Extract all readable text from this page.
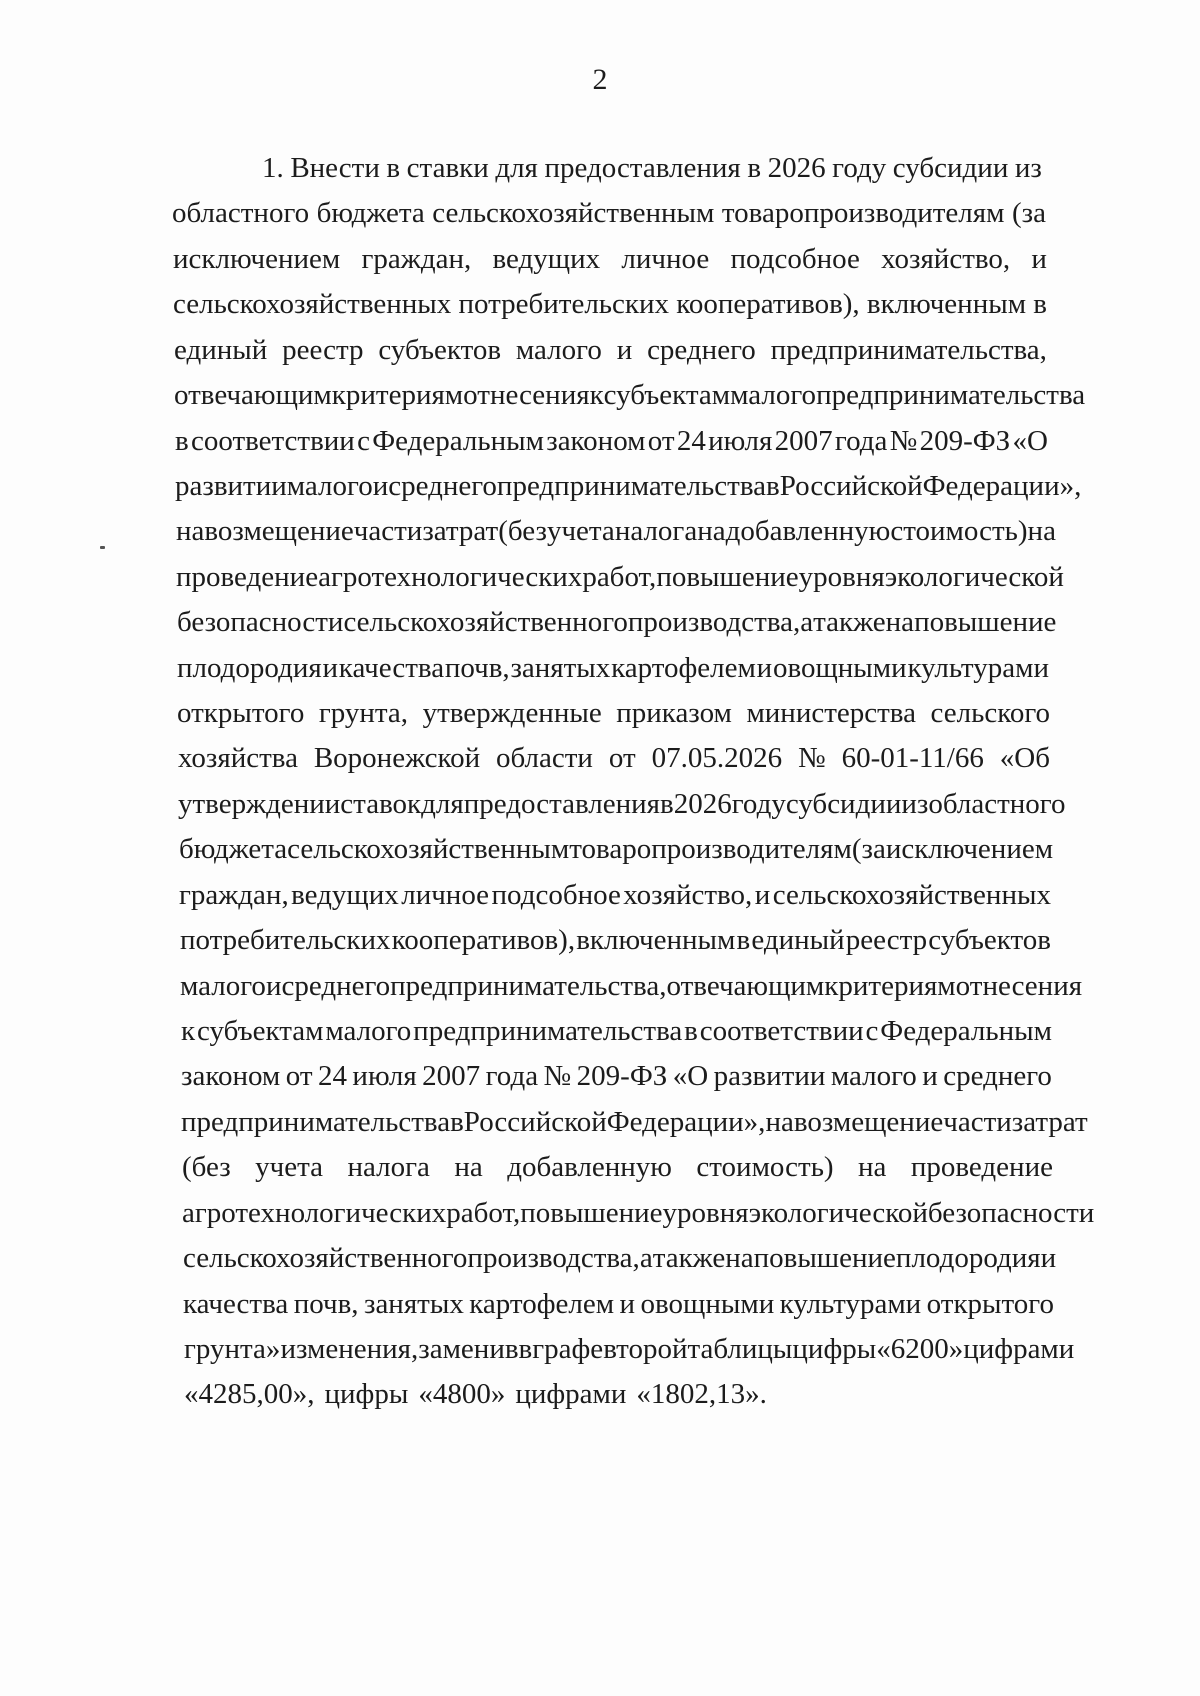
2
1. Внести в ставки для предоставления в 2026 году субсидии из
областного бюджета сельскохозяйственным товаропроизводителям (за
исключением граждан, ведущих личное подсобное хозяйство, и
сельскохозяйственных потребительских кооперативов), включенным в
единый реестр субъектов малого и среднего предпринимательства,
отвечающим критериям отнесения к субъектам малого предпринимательства
в соответствии с Федеральным законом от 24 июля 2007 года № 209-ФЗ «О
развитии малого и среднего предпринимательства в Российской Федерации»,
на возмещение части затрат (без учета налога на добавленную стоимость) на
проведение агротехнологических работ, повышение уровня экологической
безопасности сельскохозяйственного производства, а также на повышение
плодородия и качества почв, занятых картофелем и овощными культурами
открытого грунта, утвержденные приказом министерства сельского
хозяйства Воронежской области от 07.05.2026 № 60-01-11/66 «Об
утверждении ставок для предоставления в 2026 году субсидии из областного
бюджета сельскохозяйственным товаропроизводителям (за исключением
граждан, ведущих личное подсобное хозяйство, и сельскохозяйственных
потребительских кооперативов), включенным в единый реестр субъектов
малого и среднего предпринимательства, отвечающим критериям отнесения
к субъектам малого предпринимательства в соответствии с Федеральным
законом от 24 июля 2007 года № 209-ФЗ «О развитии малого и среднего
предпринимательства в Российской Федерации», на возмещение части затрат
(без учета налога на добавленную стоимость) на проведение
агротехнологических работ, повышение уровня экологической безопасности
сельскохозяйственного производства, а также на повышение плодородия и
качества почв, занятых картофелем и овощными культурами открытого
грунта» изменения, заменив в графе второй таблицы цифры «6200» цифрами
«4285,00», цифры «4800» цифрами «1802,13».
